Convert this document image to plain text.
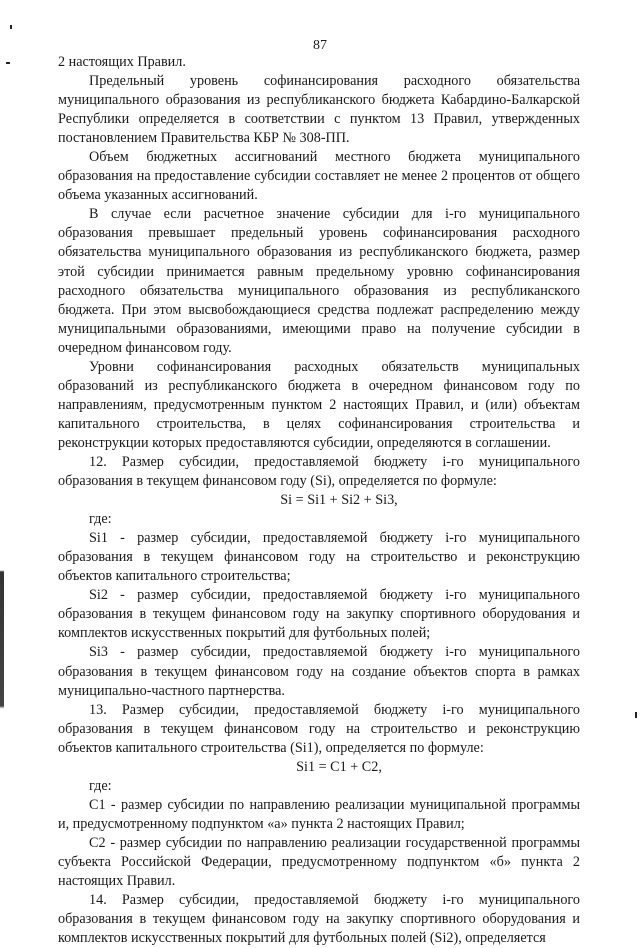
87

2 настоящих Правил.

Предельный уровень софинансирования расходного обязательства муниципального образования из республиканского бюджета Кабардино-Балкарской Республики определяется в соответствии с пунктом 13 Правил, утвержденных постановлением Правительства КБР № 308-ПП.

Объем бюджетных ассигнований местного бюджета муниципального образования на предоставление субсидии составляет не менее 2 процентов от общего объема указанных ассигнований.

В случае если расчетное значение субсидии для i-го муниципального образования превышает предельный уровень софинансирования расходного обязательства муниципального образования из республиканского бюджета, размер этой субсидии принимается равным предельному уровню софинансирования расходного обязательства муниципального образования из республиканского бюджета. При этом высвобождающиеся средства подлежат распределению между муниципальными образованиями, имеющими право на получение субсидии в очередном финансовом году.

Уровни софинансирования расходных обязательств муниципальных образований из республиканского бюджета в очередном финансовом году по направлениям, предусмотренным пунктом 2 настоящих Правил, и (или) объектам капитального строительства, в целях софинансирования строительства и реконструкции которых предоставляются субсидии, определяются в соглашении.

12. Размер субсидии, предоставляемой бюджету i-го муниципального образования в текущем финансовом году (Si), определяется по формуле:

Si = Si1 + Si2 + Si3,

где:

Si1 - размер субсидии, предоставляемой бюджету i-го муниципального образования в текущем финансовом году на строительство и реконструкцию объектов капитального строительства;

Si2 - размер субсидии, предоставляемой бюджету i-го муниципального образования в текущем финансовом году на закупку спортивного оборудования и комплектов искусственных покрытий для футбольных полей;

Si3 - размер субсидии, предоставляемой бюджету i-го муниципального образования в текущем финансовом году на создание объектов спорта в рамках муниципально-частного партнерства.

13. Размер субсидии, предоставляемой бюджету i-го муниципального образования в текущем финансовом году на строительство и реконструкцию объектов капитального строительства (Si1), определяется по формуле:

Si1 = C1 + C2,

где:

C1 - размер субсидии по направлению реализации муниципальной программы и, предусмотренному подпунктом «а» пункта 2 настоящих Правил;

C2 - размер субсидии по направлению реализации государственной программы субъекта Российской Федерации, предусмотренному подпунктом «б» пункта 2 настоящих Правил.

14. Размер субсидии, предоставляемой бюджету i-го муниципального образования в текущем финансовом году на закупку спортивного оборудования и комплектов искусственных покрытий для футбольных полей (Si2), определяется
